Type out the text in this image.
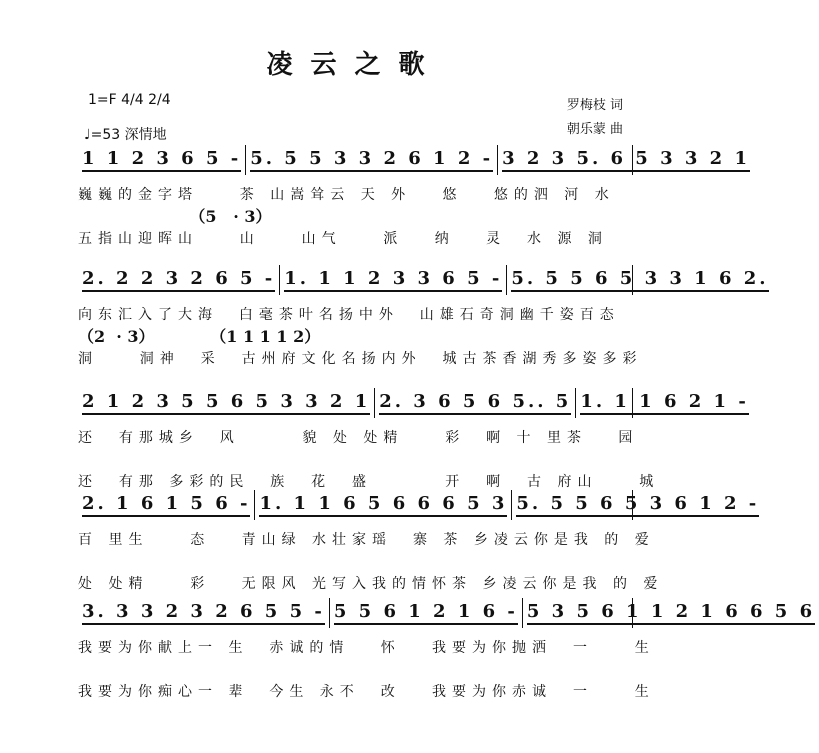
凌云之歌
1=F 4/4 2/4
♩=53 深情地
罗梅枝 词
朝乐蒙 曲
1 1 2 3 6 5 - 5. 5 5 3 3 2 6 1 2 - 3 2 3 5. 6 5 3 3 2 1
巍巍的金字塔    茶 山嵩耸云 天 外   悠   悠的泗 河 水
（5   · 3）
五指山迎晖山    山    山气    派   纳   灵  水 源 洞
2. 2 2 3 2 6 5 - 1. 1 1 2 3 3 6 5 - 5. 5 5 6 5 3 3 1 6 2.
向东汇入了大海  白毫茶叶名扬中外  山雄石奇洞幽千姿百态
（2  · 3）          （1 1 1 1 2）
洞    洞神  采  古州府文化名扬内外  城古茶香湖秀多姿多彩
2 1 2 3 5 5 6 5 3 3 2 1 2. 3 6 5 6 5.. 5 1. 1 1 6 2 1 -
还  有那城乡  风      貌 处 处精    彩  啊 十 里茶   园
还  有那 多彩的民  族  花  盛       开  啊  古 府山    城
2. 1 6 1 5 6 - 1. 1 1 6 5 6 6 6 5 3 5. 5 5 6 5 3 6 1 2 -
百 里生    态   青山绿 水壮家瑶  寨 茶 乡凌云你是我 的 爱
处 处精    彩   无限风 光写入我的情怀茶 乡凌云你是我 的 爱
3. 3 3 2 3 2 6 5 5 - 5 5 6 1 2 1 6 - 5 3 5 6 1 1 2 1 6 6 5 6
我要为你献上一 生  赤诚的情   怀   我要为你抛洒  一    生
我要为你痴心一 辈  今生 永不  改   我要为你赤诚  一    生
